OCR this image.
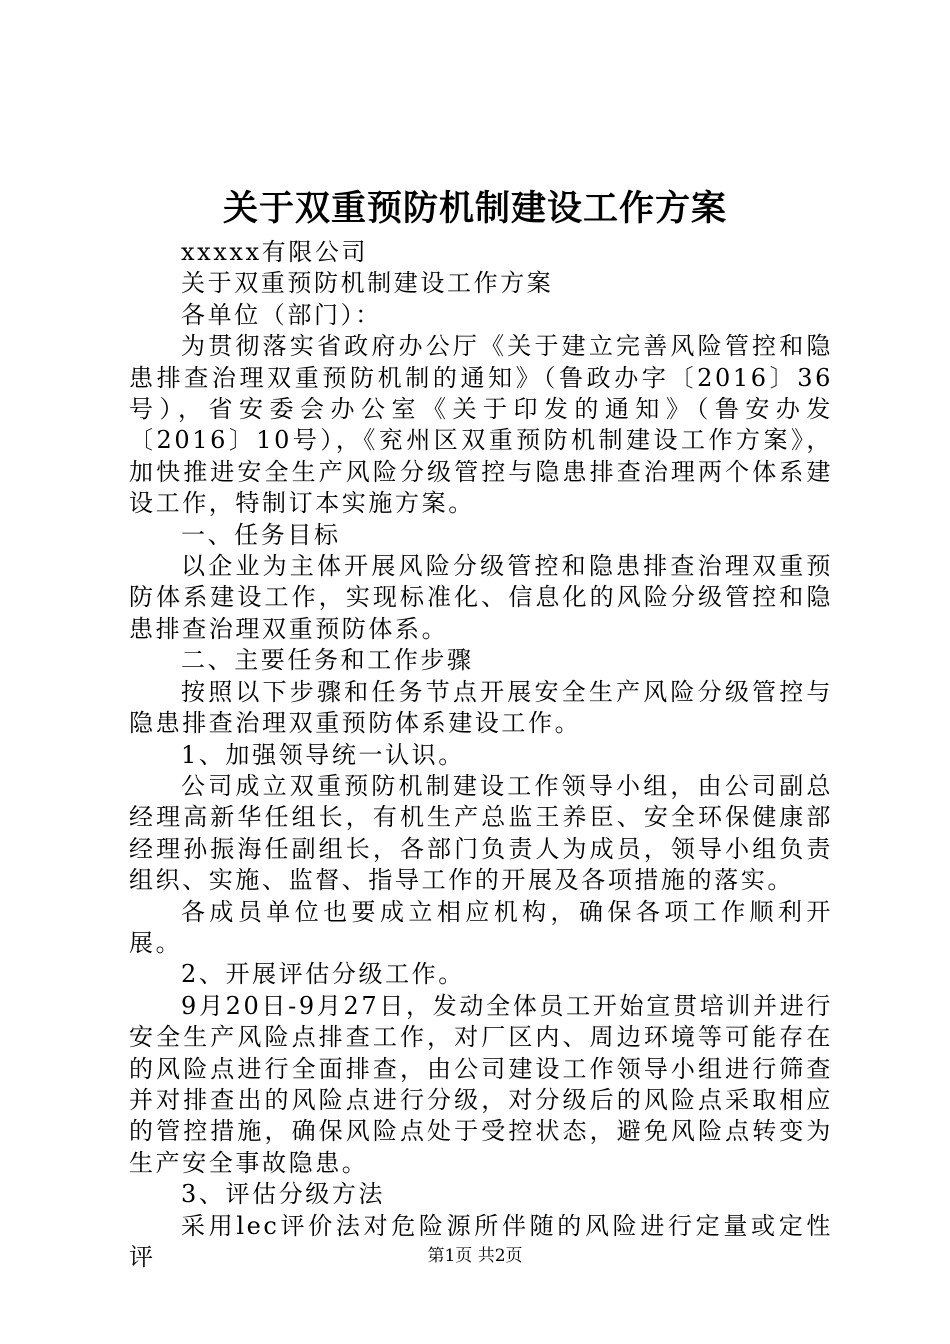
关于双重预防机制建设工作方案

xxxxx有限公司

关于双重预防机制建设工作方案

各单位（部门）：

为贯彻落实省政府办公厅《关于建立完善风险管控和隐患排查治理双重预防机制的通知》（鲁政办字〔2016〕36号），省安委会办公室《关于印发的通知》（鲁安办发〔2016〕10号），《兖州区双重预防机制建设工作方案》，加快推进安全生产风险分级管控与隐患排查治理两个体系建设工作，特制订本实施方案。

一、任务目标

以企业为主体开展风险分级管控和隐患排查治理双重预防体系建设工作，实现标准化、信息化的风险分级管控和隐患排查治理双重预防体系。

二、主要任务和工作步骤

按照以下步骤和任务节点开展安全生产风险分级管控与隐患排查治理双重预防体系建设工作。

1、加强领导统一认识。

公司成立双重预防机制建设工作领导小组，由公司副总经理高新华任组长，有机生产总监王养臣、安全环保健康部经理孙振海任副组长，各部门负责人为成员，领导小组负责组织、实施、监督、指导工作的开展及各项措施的落实。

各成员单位也要成立相应机构，确保各项工作顺利开展。

2、开展评估分级工作。

9月20日-9月27日，发动全体员工开始宣贯培训并进行安全生产风险点排查工作，对厂区内、周边环境等可能存在的风险点进行全面排查，由公司建设工作领导小组进行筛查并对排查出的风险点进行分级，对分级后的风险点采取相应的管控措施，确保风险点处于受控状态，避免风险点转变为生产安全事故隐患。

3、评估分级方法

采用lec评价法对危险源所伴随的风险进行定量或定性评	第1页 共2页
